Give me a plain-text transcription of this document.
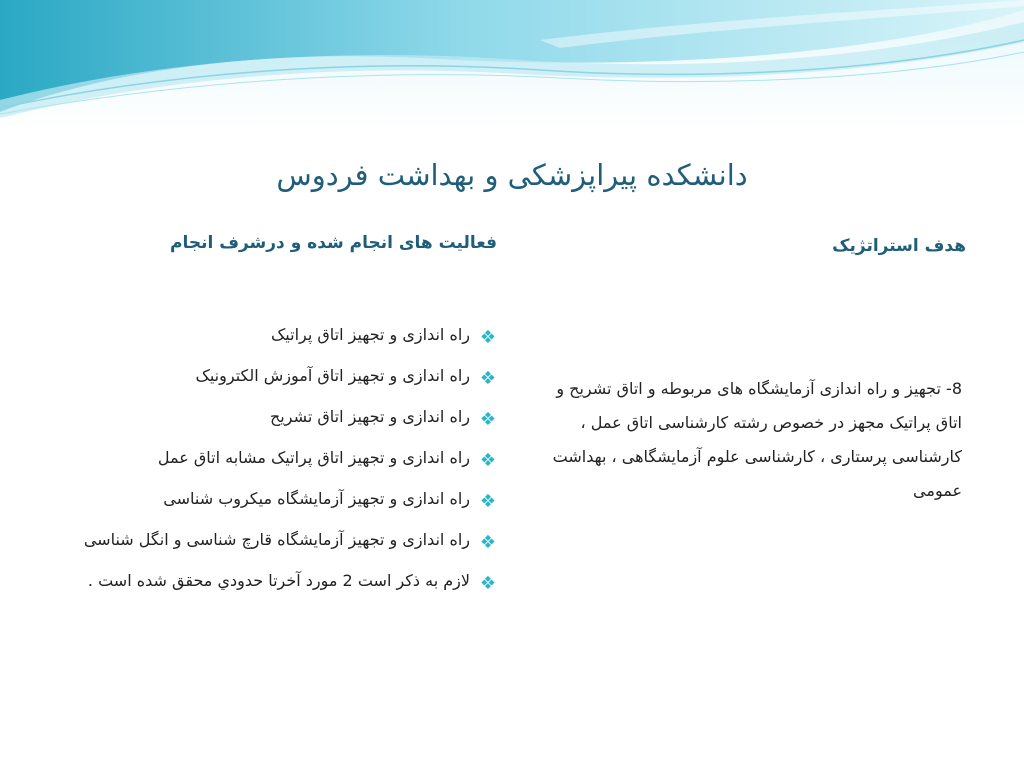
دانشکده پیراپزشکی و بهداشت فردوس
هدف استراتژیک
فعالیت های انجام شده و درشرف انجام
8- تجهیز و راه اندازی آزمایشگاه های مربوطه و اتاق تشریح و اتاق پراتیک مجهز در خصوص رشته کارشناسی اتاق عمل ، کارشناسی پرستاری ، کارشناسی علوم آزمایشگاهی ، بهداشت عمومی
❖
راه اندازی و تجهیز اتاق پراتیک
❖
راه اندازی و تجهیز اتاق آموزش الکترونیک
❖
راه اندازی و تجهیز اتاق تشریح
❖
راه اندازی و تجهیز اتاق پراتیک مشابه اتاق عمل
❖
راه اندازی و تجهیز آزمایشگاه میکروب شناسی
❖
راه اندازی و تجهیز آزمایشگاه قارچ شناسی و انگل شناسی
❖
لازم به ذکر است 2 مورد آخرتا حدودي محقق شده است .
